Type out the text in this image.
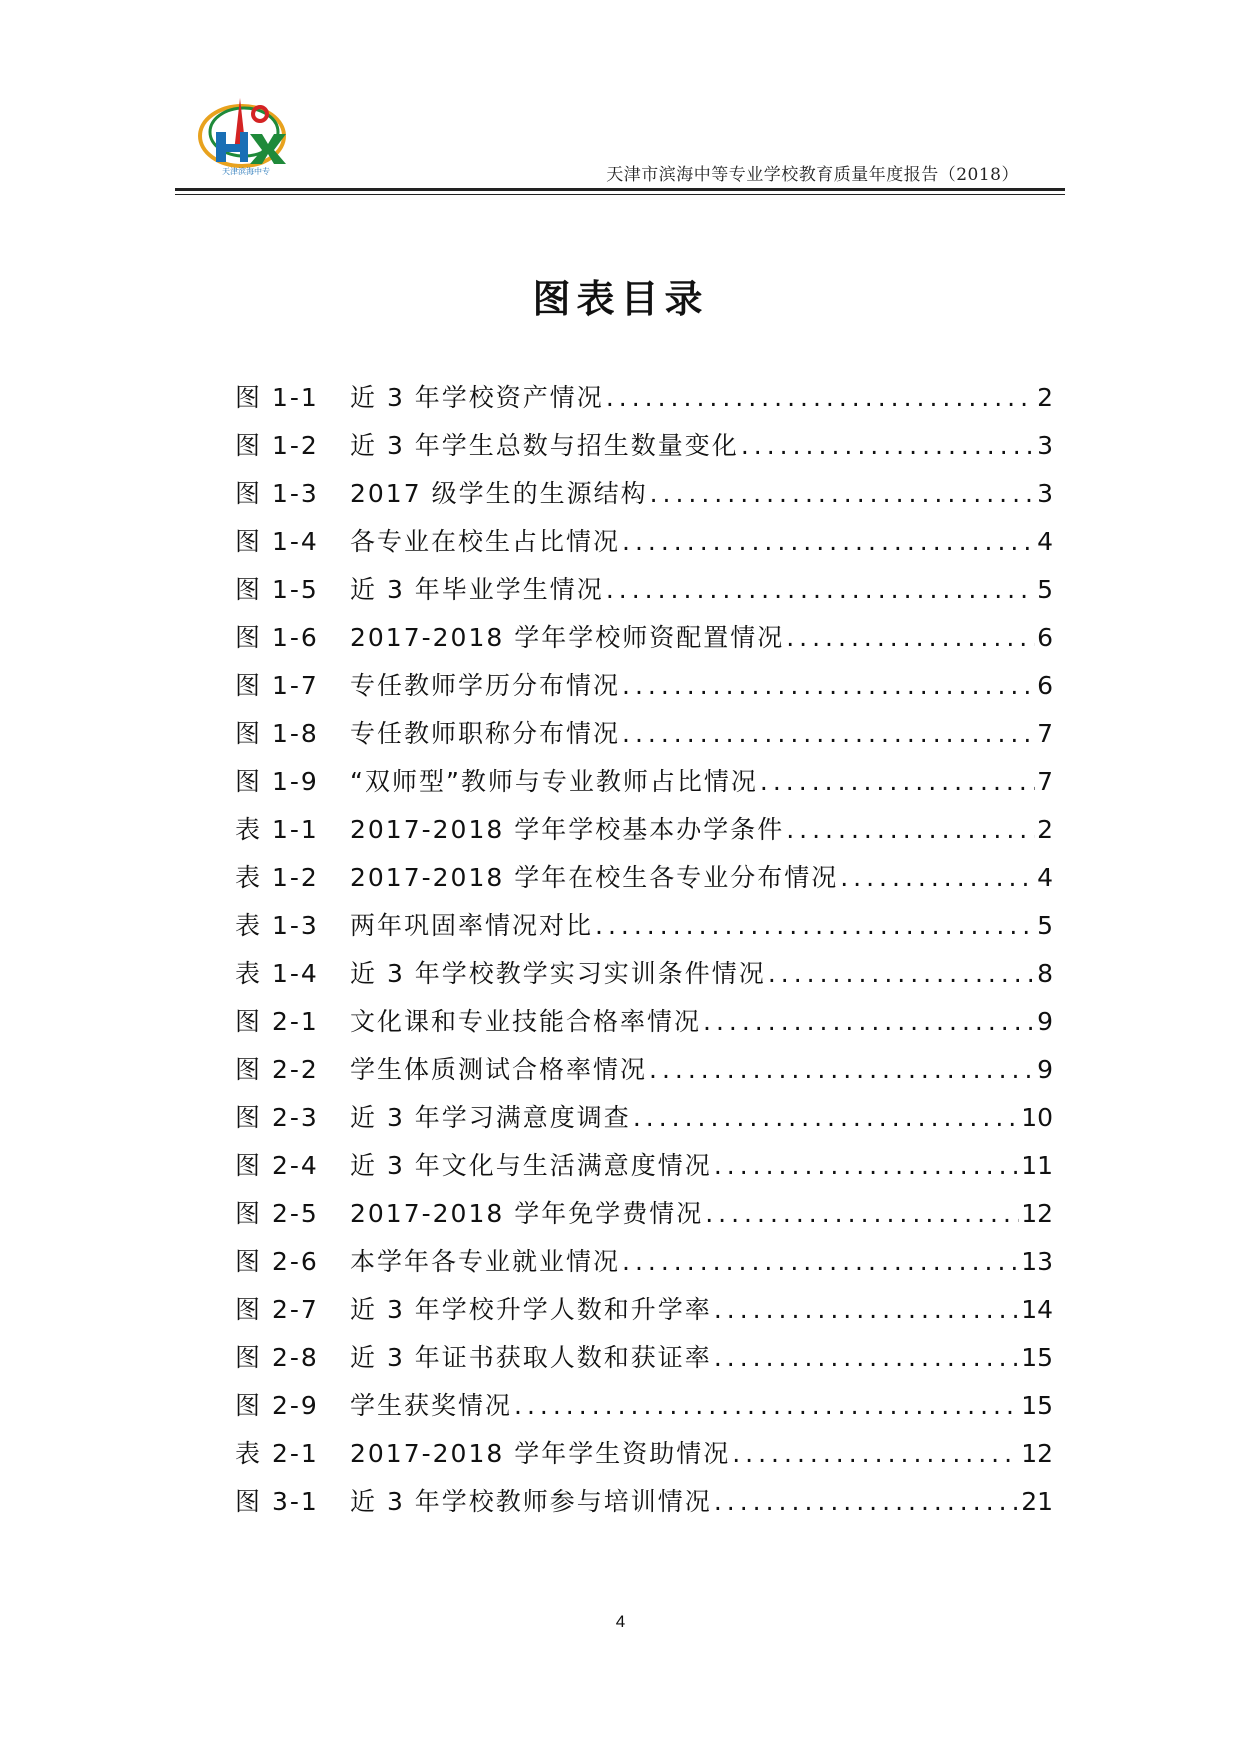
天津滨海中专	天津市滨海中等专业学校教育质量年度报告（2018）
图表目录
图 1-1	近 3 年学校资产情况 .....	2
图 1-2	近 3 年学生总数与招生数量变化 .....	3
图 1-3	2017 级学生的生源结构 .....	3
图 1-4	各专业在校生占比情况 .....	4
图 1-5	近 3 年毕业学生情况 .....	5
图 1-6	2017-2018 学年学校师资配置情况 .....	6
图 1-7	专任教师学历分布情况 .....	6
图 1-8	专任教师职称分布情况 .....	7
图 1-9	“双师型”教师与专业教师占比情况 .....	7
表 1-1	2017-2018 学年学校基本办学条件 .....	2
表 1-2	2017-2018 学年在校生各专业分布情况 .....	4
表 1-3	两年巩固率情况对比 .....	5
表 1-4	近 3 年学校教学实习实训条件情况 .....	8
图 2-1	文化课和专业技能合格率情况 .....	9
图 2-2	学生体质测试合格率情况 .....	9
图 2-3	近 3 年学习满意度调查 .....	10
图 2-4	近 3 年文化与生活满意度情况 .....	11
图 2-5	2017-2018 学年免学费情况 .....	12
图 2-6	本学年各专业就业情况 .....	13
图 2-7	近 3 年学校升学人数和升学率 .....	14
图 2-8	近 3 年证书获取人数和获证率 .....	15
图 2-9	学生获奖情况 .....	15
表 2-1	2017-2018 学年学生资助情况 .....	12
图 3-1	近 3 年学校教师参与培训情况 .....	21
4
